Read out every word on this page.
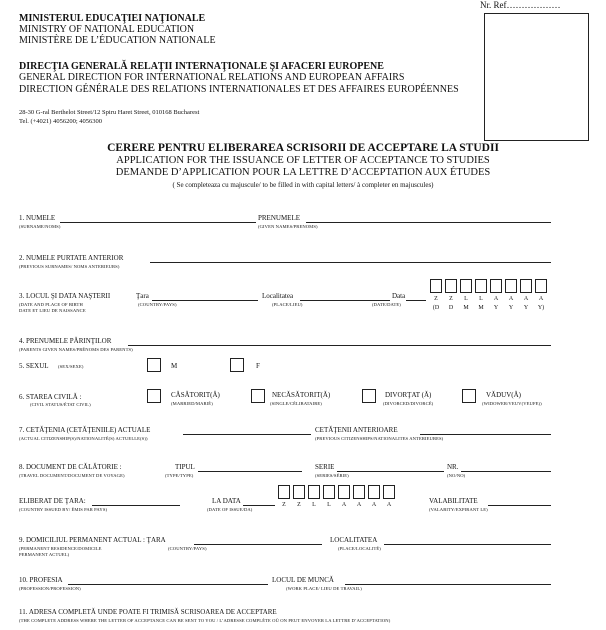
Nr. Ref………………
MINISTERUL EDUCAŢIEI NAŢIONALE
MINISTRY OF NATIONAL EDUCATION
MINISTÈRE DE L’ÉDUCATION NATIONALE
DIRECŢIA GENERALĂ RELAŢII INTERNAŢIONALE ŞI AFACERI EUROPENE
GENERAL DIRECTION FOR INTERNATIONAL RELATIONS AND EUROPEAN AFFAIRS
DIRECTION GÉNÉRALE DES RELATIONS INTERNATIONALES ET DES AFFAIRES EUROPÉENNES
28-30 G-ral Berthelot Street/12 Spiru Haret Street, 010168 Bucharest
Tel. (+4021) 4056200; 4056300
CERERE PENTRU ELIBERAREA SCRISORII DE ACCEPTARE LA STUDII
APPLICATION FOR THE ISSUANCE OF LETTER OF ACCEPTANCE TO STUDIES
DEMANDE D’APPLICATION POUR LA LETTRE D’ACCEPTATION AUX ÉTUDES
( Se completeaza cu majuscule/ to be filled in with capital letters/ à completer en majuscules)
1. NUMELE
(SURNAME/NOMS)
PRENUMELE
(GIVEN NAMES/PRENOMS)
2. NUMELE PURTATE ANTERIOR
(PREVIOUS SURNAMES/ NOMS ANTERIEURS)
3. LOCUL ŞI DATA NAŞTERII
(DATE AND PLACE OF BIRTH
DATE ET LIEU DE NAISSANCE
Ţara
(COUNTRY/PAYS)
Localitatea
(PLACE/LIEU)
Data
(DATE/DATE)
Z
(D
Z
D
L
M
L
M
A
Y
A
Y
A
Y
A
Y)
4. PRENUMELE PĂRINŢILOR
(PARENTS GIVEN NAMES/PRÉNOMS DES PARENTS)
5. SEXUL (SEX/SEXE)	M	F
6. STAREA CIVILĂ :
(CIVIL STATUS/ÉTAT CIVIL)
CĂSĂTORIT(Ă)
(MARRIED/MARIÉ)
NECĂSĂTORIT(Ă)
(SINGLE/CÉLIBATAIRE)
DIVORŢAT (Ă)
(DIVORCED/DIVORCÉ)
VĂDUV(Ă)
(WIDOWER/VEUV(VEUFE))
7. CETĂŢENIA (CETĂŢENIILE) ACTUALE
(ACTUAL CITIZENSHIP(S)/NATIONALITÉ(S) ACTUELLE(S))
CETĂŢENII ANTERIOARE
(PREVIOUS CITIZENSHIPS/NATIONALITES ANTERIEURES)
8. DOCUMENT DE CĂLĂTORIE :
(TRAVEL DOCUMENT/DOCUMENT DE VOYAGE)
TIPUL
(TYPE/TYPE)
SERIE
(SERIES/SÉRIE)
NR.
(NO/NO)
ELIBERAT DE ŢARA:
(COUNTRY ISSUED BY/ ÉMIS PAR PAYS)
LA DATA
(DATE OF ISSUE/DA)
Z	Z	L	L	A	A	A	A	VALABILITATE
(VALABITY/EXPIRANT LE)
9. DOMICILIUL PERMANENT ACTUAL : ŢARA
(PERMANENT RESIDENCE/DOMICILE
PERMANENT ACTUEL)
(COUNTRY/PAYS)
LOCALITATEA
(PLACE/LOCALITÉ)
10. PROFESIA
(PROFESSION/PROFESSION)
LOCUL DE MUNCĂ
(WORK PLACE/ LIEU DE TRAVAIL)
11. ADRESA COMPLETĂ UNDE POATE FI TRIMISĂ SCRISOAREA DE ACCEPTARE
(THE COMPLETE ADDRESS WHERE THE LETTER OF ACCEPTANCE CAN BE SENT TO YOU / L’ADRESSE COMPLÈTE OÙ ON PEUT ENVOYER LA LETTRE D’ACCEPTATION)
